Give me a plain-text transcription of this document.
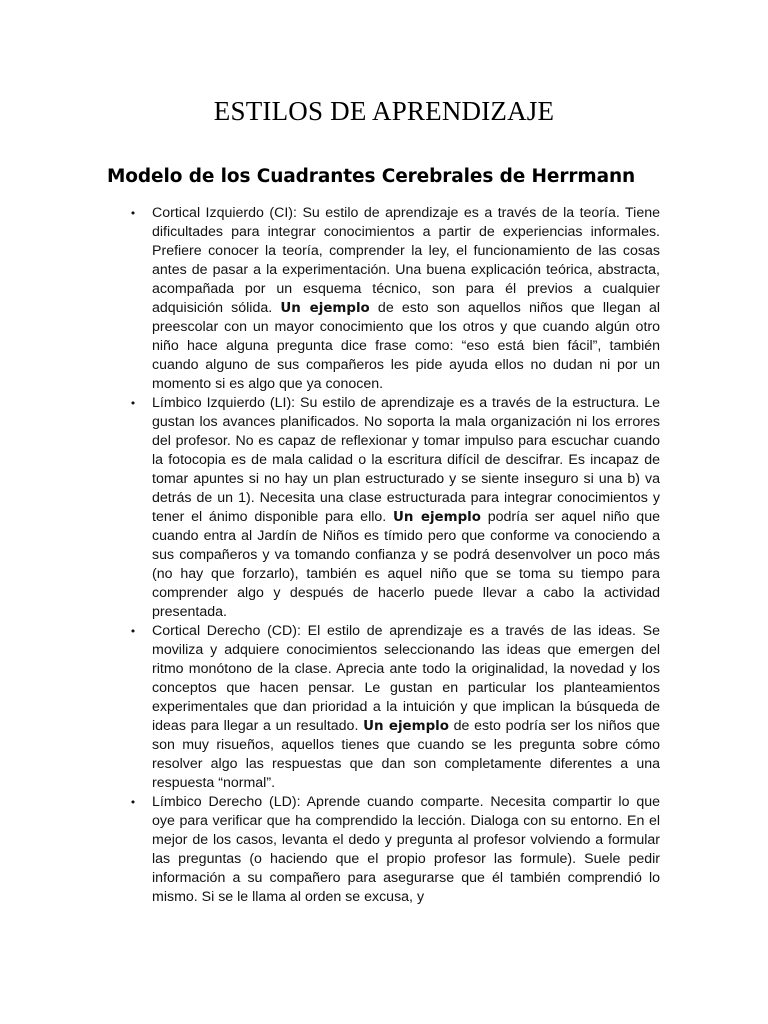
ESTILOS DE APRENDIZAJE
Modelo de los Cuadrantes Cerebrales de Herrmann
• Cortical Izquierdo (CI): Su estilo de aprendizaje es a través de la teoría. Tiene dificultades para integrar conocimientos a partir de experiencias informales. Prefiere conocer la teoría, comprender la ley, el funcionamiento de las cosas antes de pasar a la experimentación. Una buena explicación teórica, abstracta, acompañada por un esquema técnico, son para él previos a cualquier adquisición sólida. Un ejemplo de esto son aquellos niños que llegan al preescolar con un mayor conocimiento que los otros y que cuando algún otro niño hace alguna pregunta dice frase como: “eso está bien fácil”, también cuando alguno de sus compañeros les pide ayuda ellos no dudan ni por un momento si es algo que ya conocen.
• Límbico Izquierdo (LI): Su estilo de aprendizaje es a través de la estructura. Le gustan los avances planificados. No soporta la mala organización ni los errores del profesor. No es capaz de reflexionar y tomar impulso para escuchar cuando la fotocopia es de mala calidad o la escritura difícil de descifrar. Es incapaz de tomar apuntes si no hay un plan estructurado y se siente inseguro si una b) va detrás de un 1). Necesita una clase estructurada para integrar conocimientos y tener el ánimo disponible para ello. Un ejemplo podría ser aquel niño que cuando entra al Jardín de Niños es tímido pero que conforme va conociendo a sus compañeros y va tomando confianza y se podrá desenvolver un poco más (no hay que forzarlo), también es aquel niño que se toma su tiempo para comprender algo y después de hacerlo puede llevar a cabo la actividad presentada.
• Cortical Derecho (CD): El estilo de aprendizaje es a través de las ideas. Se moviliza y adquiere conocimientos seleccionando las ideas que emergen del ritmo monótono de la clase. Aprecia ante todo la originalidad, la novedad y los conceptos que hacen pensar. Le gustan en particular los planteamientos experimentales que dan prioridad a la intuición y que implican la búsqueda de ideas para llegar a un resultado. Un ejemplo de esto podría ser los niños que son muy risueños, aquellos tienes que cuando se les pregunta sobre cómo resolver algo las respuestas que dan son completamente diferentes a una respuesta “normal”.
• Límbico Derecho (LD): Aprende cuando comparte. Necesita compartir lo que oye para verificar que ha comprendido la lección. Dialoga con su entorno. En el mejor de los casos, levanta el dedo y pregunta al profesor volviendo a formular las preguntas (o haciendo que el propio profesor las formule). Suele pedir información a su compañero para asegurarse que él también comprendió lo mismo. Si se le llama al orden se excusa, y
